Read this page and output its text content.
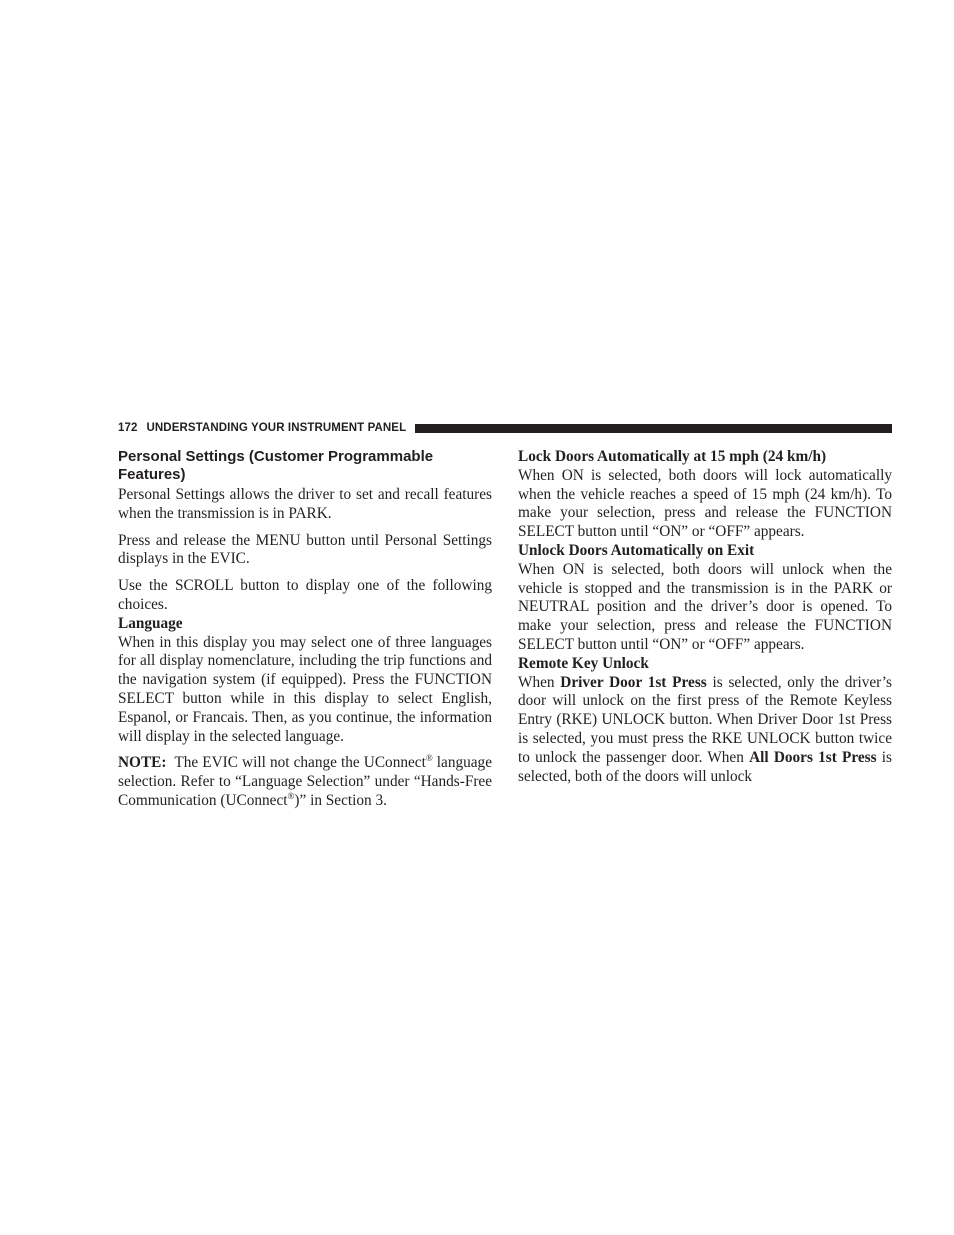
172 UNDERSTANDING YOUR INSTRUMENT PANEL
Personal Settings (Customer Programmable Features)

Personal Settings allows the driver to set and recall features when the transmission is in PARK.

Press and release the MENU button until Personal Settings displays in the EVIC.

Use the SCROLL button to display one of the following choices.

Language

When in this display you may select one of three languages for all display nomenclature, including the trip functions and the navigation system (if equipped). Press the FUNCTION SELECT button while in this display to select English, Espanol, or Francais. Then, as you continue, the information will display in the selected language.

NOTE: The EVIC will not change the UConnect® language selection. Refer to “Language Selection” under “Hands-Free Communication (UConnect®)” in Section 3.

Lock Doors Automatically at 15 mph (24 km/h)

When ON is selected, both doors will lock automatically when the vehicle reaches a speed of 15 mph (24 km/h). To make your selection, press and release the FUNCTION SELECT button until “ON” or “OFF” appears.

Unlock Doors Automatically on Exit

When ON is selected, both doors will unlock when the vehicle is stopped and the transmission is in the PARK or NEUTRAL position and the driver’s door is opened. To make your selection, press and release the FUNCTION SELECT button until “ON” or “OFF” appears.

Remote Key Unlock

When Driver Door 1st Press is selected, only the driver’s door will unlock on the first press of the Remote Keyless Entry (RKE) UNLOCK button. When Driver Door 1st Press is selected, you must press the RKE UNLOCK button twice to unlock the passenger door. When All Doors 1st Press is selected, both of the doors will unlock
